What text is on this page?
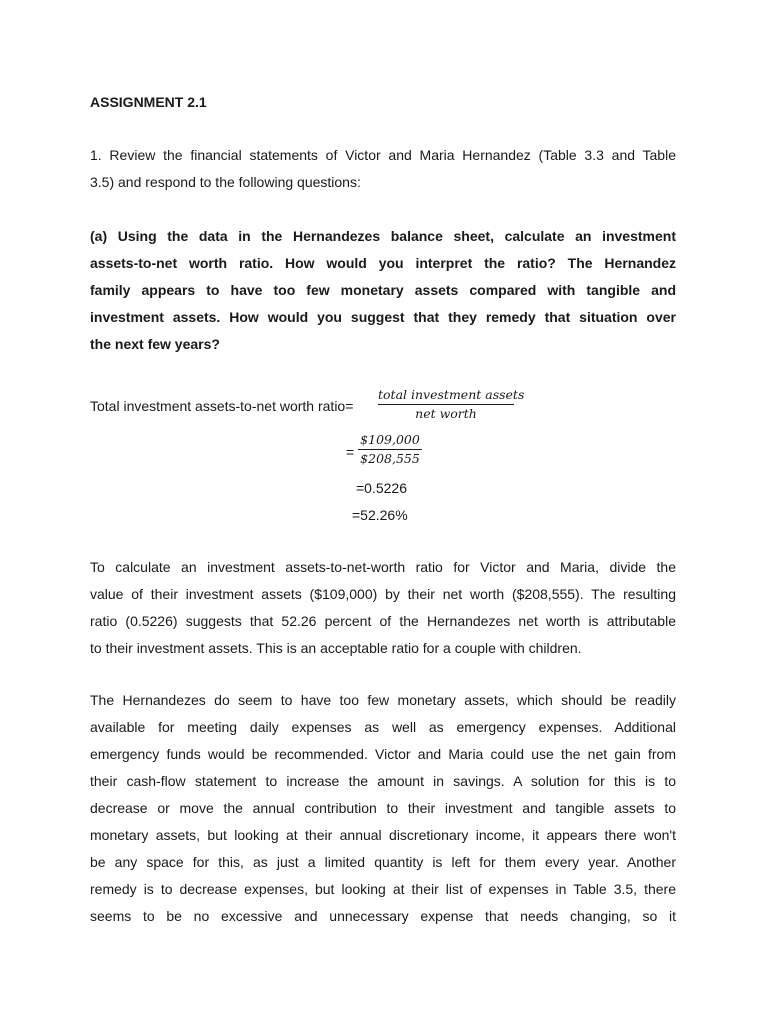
ASSIGNMENT 2.1
1. Review the financial statements of Victor and Maria Hernandez (Table 3.3 and Table
3.5) and respond to the following questions:
(a) Using the data in the Hernandezes balance sheet, calculate an investment
assets-to-net worth ratio. How would you interpret the ratio? The Hernandez
family appears to have too few monetary assets compared with tangible and
investment assets. How would you suggest that they remedy that situation over
the next few years?
Total investment assets-to-net worth ratio=
total investment assets
net worth
=
$109,000
$208,555
=0.5226
=52.26%
To calculate an investment assets-to-net-worth ratio for Victor and Maria, divide the
value of their investment assets ($109,000) by their net worth ($208,555). The resulting
ratio (0.5226) suggests that 52.26 percent of the Hernandezes net worth is attributable
to their investment assets. This is an acceptable ratio for a couple with children.
The Hernandezes do seem to have too few monetary assets, which should be readily
available for meeting daily expenses as well as emergency expenses. Additional
emergency funds would be recommended. Victor and Maria could use the net gain from
their cash-flow statement to increase the amount in savings. A solution for this is to
decrease or move the annual contribution to their investment and tangible assets to
monetary assets, but looking at their annual discretionary income, it appears there won't
be any space for this, as just a limited quantity is left for them every year. Another
remedy is to decrease expenses, but looking at their list of expenses in Table 3.5, there
seems to be no excessive and unnecessary expense that needs changing, so it
